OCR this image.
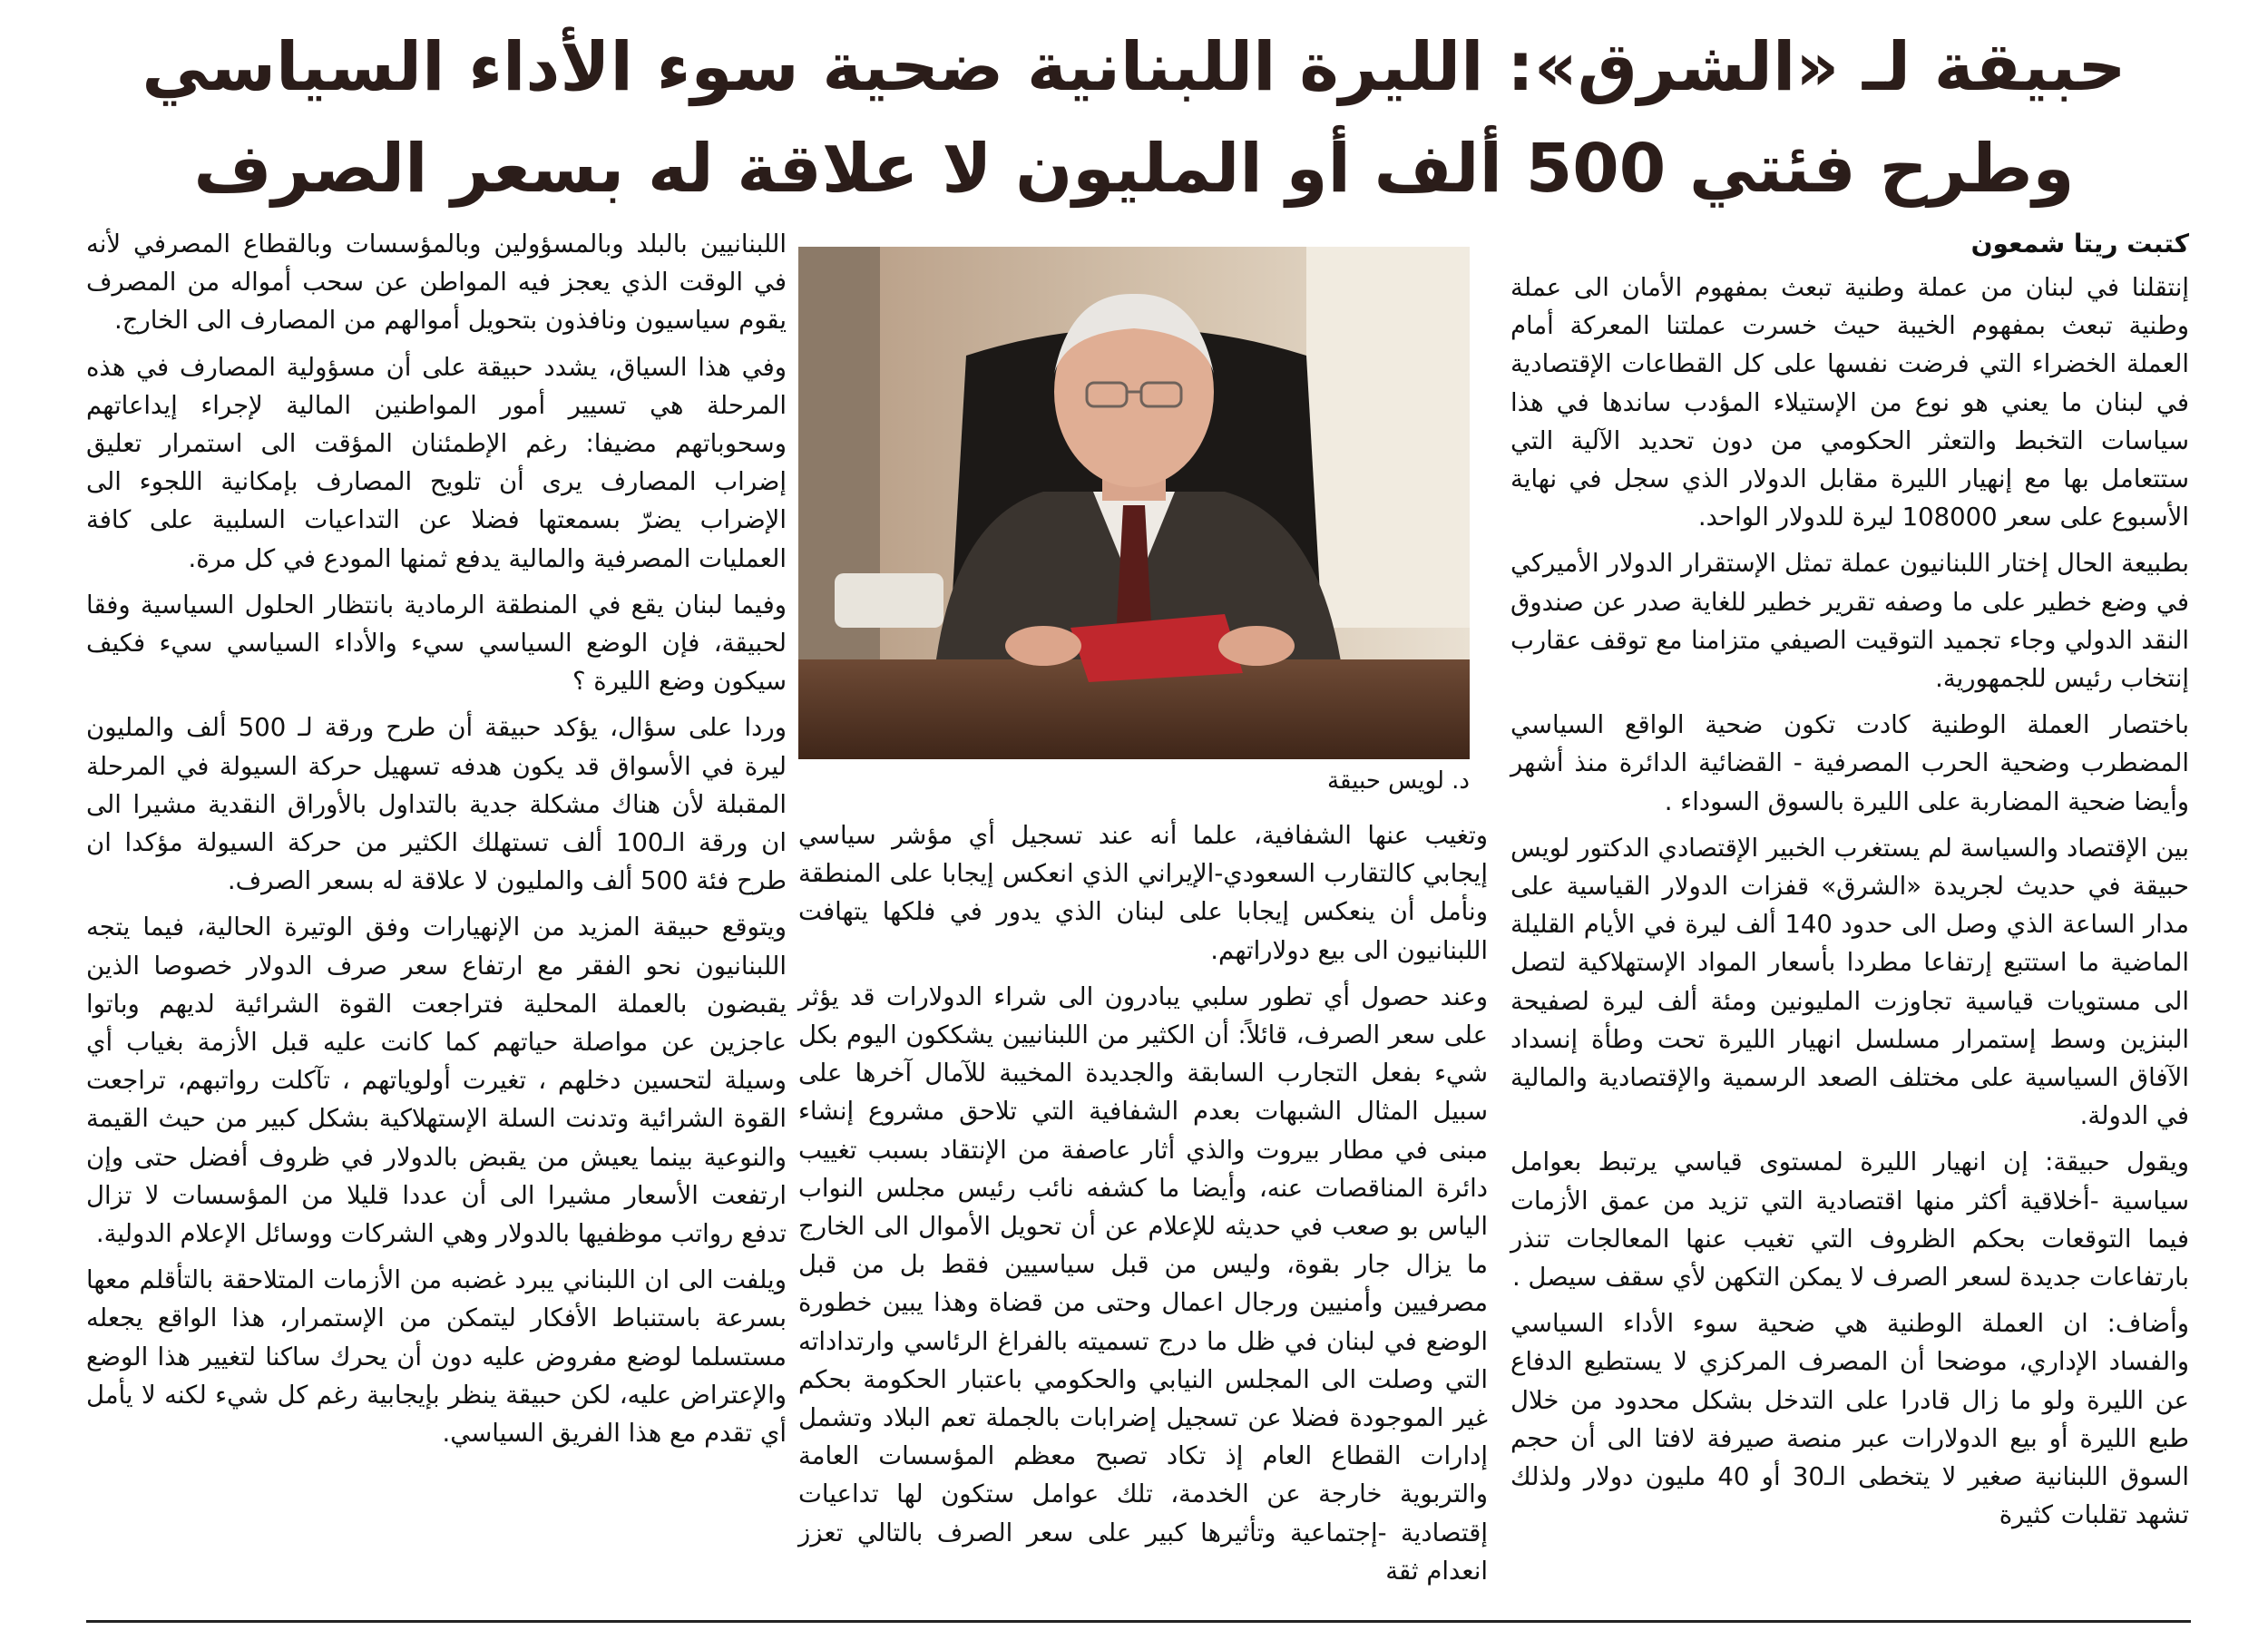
حبيقة لـ «الشرق»: الليرة اللبنانية ضحية سوء الأداء السياسي
وطرح فئتي 500 ألف أو المليون لا علاقة له بسعر الصرف
كتبت ريتا شمعون

إنتقلنا في لبنان من عملة وطنية تبعث بمفهوم الأمان الى عملة وطنية تبعث بمفهوم الخيبة حيث خسرت عملتنا المعركة أمام العملة الخضراء التي فرضت نفسها على كل القطاعات الإقتصادية في لبنان ما يعني هو نوع من الإستيلاء المؤدب ساندها في هذا سياسات التخبط والتعثر الحكومي من دون تحديد الآلية التي ستتعامل بها مع إنهيار الليرة مقابل الدولار الذي سجل في نهاية الأسبوع على سعر 108000 ليرة للدولار الواحد.

بطبيعة الحال إختار اللبنانيون عملة تمثل الإستقرار الدولار الأميركي في وضع خطير على ما وصفه تقرير خطير للغاية صدر عن صندوق النقد الدولي وجاء تجميد التوقيت الصيفي متزامنا مع توقف عقارب إنتخاب رئيس للجمهورية.

باختصار العملة الوطنية كادت تكون ضحية الواقع السياسي المضطرب وضحية الحرب المصرفية - القضائية الدائرة منذ أشهر وأيضا ضحية المضاربة على الليرة بالسوق السوداء .

بين الإقتصاد والسياسة لم يستغرب الخبير الإقتصادي الدكتور لويس حبيقة في حديث لجريدة «الشرق» قفزات الدولار القياسية على مدار الساعة الذي وصل الى حدود 140 ألف ليرة في الأيام القليلة الماضية ما استتبع إرتفاعا مطردا بأسعار المواد الإستهلاكية لتصل الى مستويات قياسية تجاوزت المليونين ومئة ألف ليرة لصفيحة البنزين وسط إستمرار مسلسل انهيار الليرة تحت وطأة إنسداد الآفاق السياسية على مختلف الصعد الرسمية والإقتصادية والمالية في الدولة.

ويقول حبيقة: إن انهيار الليرة لمستوى قياسي يرتبط بعوامل سياسية -أخلاقية أكثر منها اقتصادية التي تزيد من عمق الأزمات فيما التوقعات بحكم الظروف التي تغيب عنها المعالجات تنذر بارتفاعات جديدة لسعر الصرف لا يمكن التكهن لأي سقف سيصل .

وأضاف: ان العملة الوطنية هي ضحية سوء الأداء السياسي والفساد الإداري، موضحا أن المصرف المركزي لا يستطيع الدفاع عن الليرة ولو ما زال قادرا على التدخل بشكل محدود من خلال طبع الليرة أو بيع الدولارات عبر منصة صيرفة لافتا الى أن حجم السوق اللبنانية صغير لا يتخطى الـ30 أو 40 مليون دولار ولذلك تشهد تقلبات كثيرة

د. لويس حبيقة

وتغيب عنها الشفافية، علما أنه عند تسجيل أي مؤشر سياسي إيجابي كالتقارب السعودي-الإيراني الذي انعكس إيجابا على المنطقة ونأمل أن ينعكس إيجابا على لبنان الذي يدور في فلكها يتهافت اللبنانيون الى بيع دولاراتهم.

وعند حصول أي تطور سلبي يبادرون الى شراء الدولارات قد يؤثر على سعر الصرف، قائلاً: أن الكثير من اللبنانيين يشككون اليوم بكل شيء بفعل التجارب السابقة والجديدة المخيبة للآمال آخرها على سبيل المثال الشبهات بعدم الشفافية التي تلاحق مشروع إنشاء مبنى في مطار بيروت والذي أثار عاصفة من الإنتقاد بسبب تغييب دائرة المناقصات عنه، وأيضا ما كشفه نائب رئيس مجلس النواب الياس بو صعب في حديثه للإعلام عن أن تحويل الأموال الى الخارج ما يزال جار بقوة، وليس من قبل سياسيين فقط بل من قبل مصرفيين وأمنيين ورجال اعمال وحتى من قضاة وهذا يبين خطورة الوضع في لبنان في ظل ما درج تسميته بالفراغ الرئاسي وارتداداته التي وصلت الى المجلس النيابي والحكومي باعتبار الحكومة بحكم غير الموجودة فضلا عن تسجيل إضرابات بالجملة تعم البلاد وتشمل إدارات القطاع العام إذ تكاد تصبح معظم المؤسسات العامة والتربوية خارجة عن الخدمة، تلك عوامل ستكون لها تداعيات إقتصادية -إجتماعية وتأثيرها كبير على سعر الصرف بالتالي تعزز انعدام ثقة

اللبنانيين بالبلد وبالمسؤولين وبالمؤسسات وبالقطاع المصرفي لأنه في الوقت الذي يعجز فيه المواطن عن سحب أمواله من المصرف يقوم سياسيون ونافذون بتحويل أموالهم من المصارف الى الخارج.

وفي هذا السياق، يشدد حبيقة على أن مسؤولية المصارف في هذه المرحلة هي تسيير أمور المواطنين المالية لإجراء إيداعاتهم وسحوباتهم مضيفا: رغم الإطمئنان المؤقت الى استمرار تعليق إضراب المصارف يرى أن تلويح المصارف بإمكانية اللجوء الى الإضراب يضرّ بسمعتها فضلا عن التداعيات السلبية على كافة العمليات المصرفية والمالية يدفع ثمنها المودع في كل مرة.

وفيما لبنان يقع في المنطقة الرمادية بانتظار الحلول السياسية وفقا لحبيقة، فإن الوضع السياسي سيء والأداء السياسي سيء فكيف سيكون وضع الليرة ؟

وردا على سؤال، يؤكد حبيقة أن طرح ورقة لـ 500 ألف والمليون ليرة في الأسواق قد يكون هدفه تسهيل حركة السيولة في المرحلة المقبلة لأن هناك مشكلة جدية بالتداول بالأوراق النقدية مشيرا الى ان ورقة الـ100 ألف تستهلك الكثير من حركة السيولة مؤكدا ان طرح فئة 500 ألف والمليون لا علاقة له بسعر الصرف.

ويتوقع حبيقة المزيد من الإنهيارات وفق الوتيرة الحالية، فيما يتجه اللبنانيون نحو الفقر مع ارتفاع سعر صرف الدولار خصوصا الذين يقبضون بالعملة المحلية فتراجعت القوة الشرائية لديهم وباتوا عاجزين عن مواصلة حياتهم كما كانت عليه قبل الأزمة بغياب أي وسيلة لتحسين دخلهم ، تغيرت أولوياتهم ، تآكلت رواتبهم، تراجعت القوة الشرائية وتدنت السلة الإستهلاكية بشكل كبير من حيث القيمة والنوعية بينما يعيش من يقبض بالدولار في ظروف أفضل حتى وإن ارتفعت الأسعار مشيرا الى أن عددا قليلا من المؤسسات لا تزال تدفع رواتب موظفيها بالدولار وهي الشركات ووسائل الإعلام الدولية.

ويلفت الى ان اللبناني يبرد غضبه من الأزمات المتلاحقة بالتأقلم معها بسرعة باستنباط الأفكار ليتمكن من الإستمرار، هذا الواقع يجعله مستسلما لوضع مفروض عليه دون أن يحرك ساكنا لتغيير هذا الوضع والإعتراض عليه، لكن حبيقة ينظر بإيجابية رغم كل شيء لكنه لا يأمل أي تقدم مع هذا الفريق السياسي.
